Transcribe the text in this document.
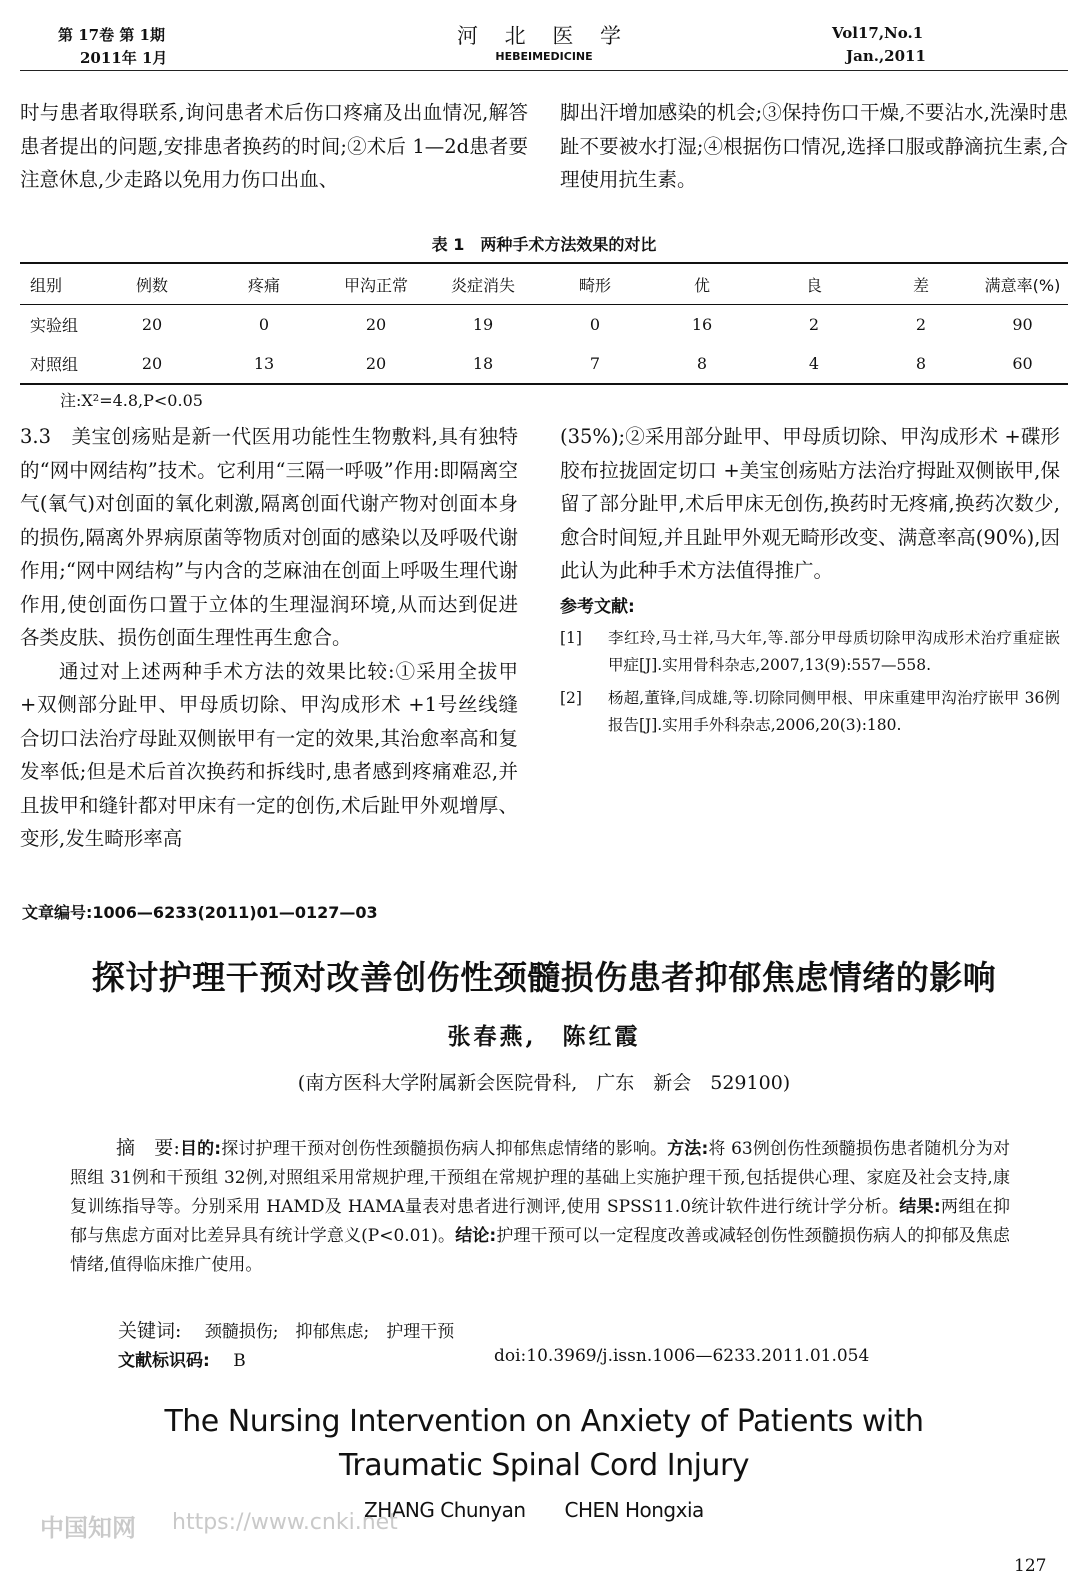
第 17卷 第 1期
2011年 1月
河 北 医 学
HEBEIMEDICINE
Vol17,No.1
Jan.,2011

时与患者取得联系,询问患者术后伤口疼痛及出血情况,解答患者提出的问题,安排患者换药的时间;②术后 1—2d患者要注意休息,少走路以免用力伤口出血、

脚出汗增加感染的机会;③保持伤口干燥,不要沾水,洗澡时患趾不要被水打湿;④根据伤口情况,选择口服或静滴抗生素,合理使用抗生素。

表 1　两种手术方法效果的对比
组别	例数	疼痛	甲沟正常	炎症消失	畸形	优	良	差	满意率(%)
实验组	20	0	20	19	0	16	2	2	90
对照组	20	13	20	18	7	8	4	8	60
注:X²=4.8,P<0.05

3.3　美宝创疡贴是新一代医用功能性生物敷料,具有独特的“网中网结构”技术。它利用“三隔一呼吸”作用:即隔离空气(氧气)对创面的氧化刺激,隔离创面代谢产物对创面本身的损伤,隔离外界病原菌等物质对创面的感染以及呼吸代谢作用;“网中网结构”与内含的芝麻油在创面上呼吸生理代谢作用,使创面伤口置于立体的生理湿润环境,从而达到促进各类皮肤、损伤创面生理性再生愈合。

通过对上述两种手术方法的效果比较:①采用全拔甲 +双侧部分趾甲、甲母质切除、甲沟成形术 +1号丝线缝合切口法治疗母趾双侧嵌甲有一定的效果,其治愈率高和复发率低;但是术后首次换药和拆线时,患者感到疼痛难忍,并且拔甲和缝针都对甲床有一定的创伤,术后趾甲外观增厚、变形,发生畸形率高

(35%);②采用部分趾甲、甲母质切除、甲沟成形术 +碟形胶布拉拢固定切口 +美宝创疡贴方法治疗拇趾双侧嵌甲,保留了部分趾甲,术后甲床无创伤,换药时无疼痛,换药次数少,愈合时间短,并且趾甲外观无畸形改变、满意率高(90%),因此认为此种手术方法值得推广。

参考文献:
[1] 李红玲,马士祥,马大年,等.部分甲母质切除甲沟成形术治疗重症嵌甲症[J].实用骨科杂志,2007,13(9):557—558.
[2] 杨超,董锋,闫成雄,等.切除同侧甲根、甲床重建甲沟治疗嵌甲 36例报告[J].实用手外科杂志,2006,20(3):180.
文章编号:1006—6233(2011)01—0127—03
探讨护理干预对改善创伤性颈髓损伤患者抑郁焦虑情绪的影响
张春燕,　陈红霞
(南方医科大学附属新会医院骨科,　广东　新会　529100)
摘　要:目的:探讨护理干预对创伤性颈髓损伤病人抑郁焦虑情绪的影响。方法:将 63例创伤性颈髓损伤患者随机分为对照组 31例和干预组 32例,对照组采用常规护理,干预组在常规护理的基础上实施护理干预,包括提供心理、家庭及社会支持,康复训练指导等。分别采用 HAMD及 HAMA量表对患者进行测评,使用 SPSS11.0统计软件进行统计学分析。结果:两组在抑郁与焦虑方面对比差异具有统计学意义(P<0.01)。结论:护理干预可以一定程度改善或减轻创伤性颈髓损伤病人的抑郁及焦虑情绪,值得临床推广使用。
关键词: 颈髓损伤;　抑郁焦虑;　护理干预
文献标识码: B	doi:10.3969/j.issn.1006—6233.2011.01.054
The Nursing Intervention on Anxiety of Patients with
Traumatic Spinal Cord Injury
ZHANG Chunyan　　CHEN Hongxia
中国知网 https://www.cnki.net
127
